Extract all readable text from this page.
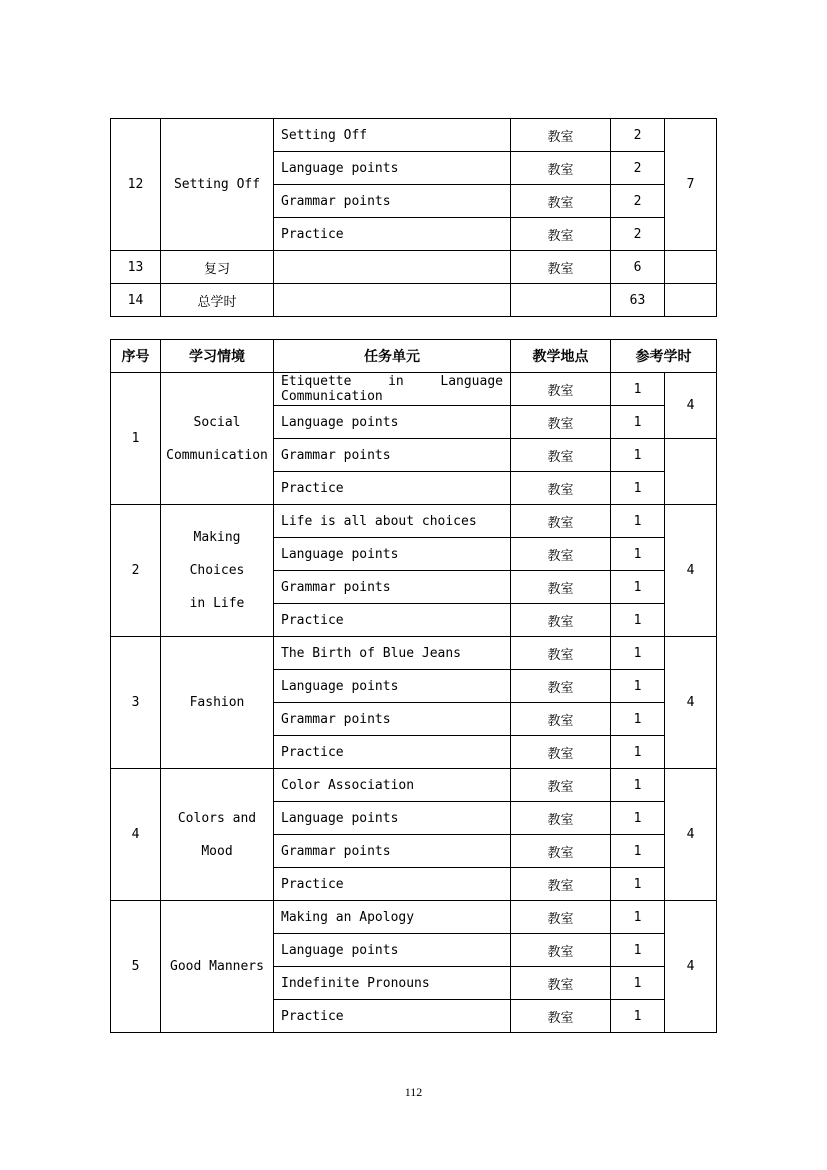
12	Setting Off	Setting Off	教室	2	7
		Language points	教室	2	
		Grammar points	教室	2	
		Practice	教室	2	
13	复习		教室	6	
14	总学时			63	
序号	学习情境	任务单元	教学地点	参考学时	
1	Social Communication	Etiquette in Language Communication	教室	1	4
		Language points	教室	1	
		Grammar points	教室	1	
		Practice	教室	1	
2	Making Choices in Life	Life is all about choices	教室	1	4
		Language points	教室	1	
		Grammar points	教室	1	
		Practice	教室	1	
3	Fashion	The Birth of Blue Jeans	教室	1	4
		Language points	教室	1	
		Grammar points	教室	1	
		Practice	教室	1	
4	Colors and Mood	Color Association	教室	1	4
		Language points	教室	1	
		Grammar points	教室	1	
		Practice	教室	1	
5	Good Manners	Making an Apology	教室	1	4
		Language points	教室	1	
		Indefinite Pronouns	教室	1	
		Practice	教室	1	
112
